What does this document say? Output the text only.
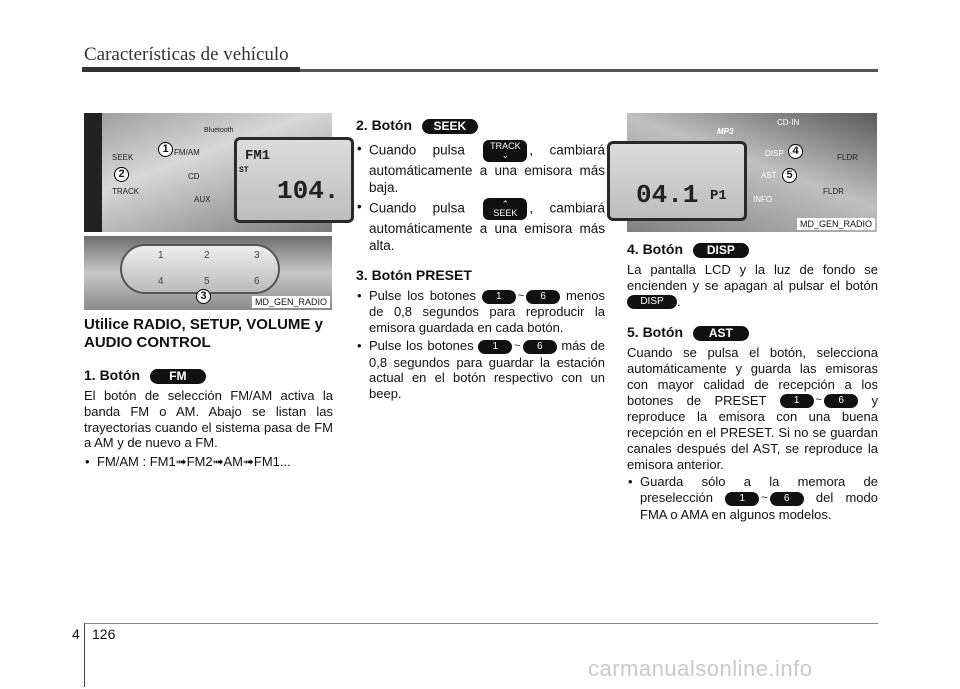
Características de vehículo
SEEK
TRACK
FM/AM
CD
AUX
Bluetooth
FM1
ST
104.
1
2
1	2	3
4	5	6
3	MD_GEN_RADIO
04.1 P1
CD-IN
MP3
DISP
AST
INFO
FLDR
FLDR
4
5
MD_GEN_RADIO
Utilice RADIO, SETUP, VOLUME y AUDIO CONTROL
1. Botón FM
El botón de selección FM/AM activa la banda FM o AM. Abajo se listan las trayectorias cuando el sistema pasa de FM a AM y de nuevo a FM.
• FM/AM : FM1➟FM2➟AM➟FM1...
2. Botón SEEK
• Cuando pulsa	TRACK
⌄ , cambiará automáticamente a una emisora más baja.
• Cuando pulsa	⌃
SEEK , cambiará automáticamente a una emisora más alta.
3. Botón PRESET
• Pulse los botones 1 ~ 6 menos de 0,8 segundos para reproducir la emisora guardada en cada botón.
• Pulse los botones 1 ~ 6 más de 0,8 segundos para guardar la estación actual en el botón respectivo con un beep.
4. Botón DISP
La pantalla LCD y la luz de fondo se encienden y se apagan al pulsar el botón DISP .
5. Botón AST
Cuando se pulsa el botón, selecciona automáticamente y guarda las emisoras con mayor calidad de recepción a los botones de PRESET	1 ~ 6 y reproduce la emisora con una buena recepción en el PRESET. Si no se guardan canales después del AST, se reproduce la emisora anterior.
• Guarda sólo a la memora de preselección	1 ~ 6 del modo FMA o AMA en algunos modelos.
4 126
carmanualsonline.info
